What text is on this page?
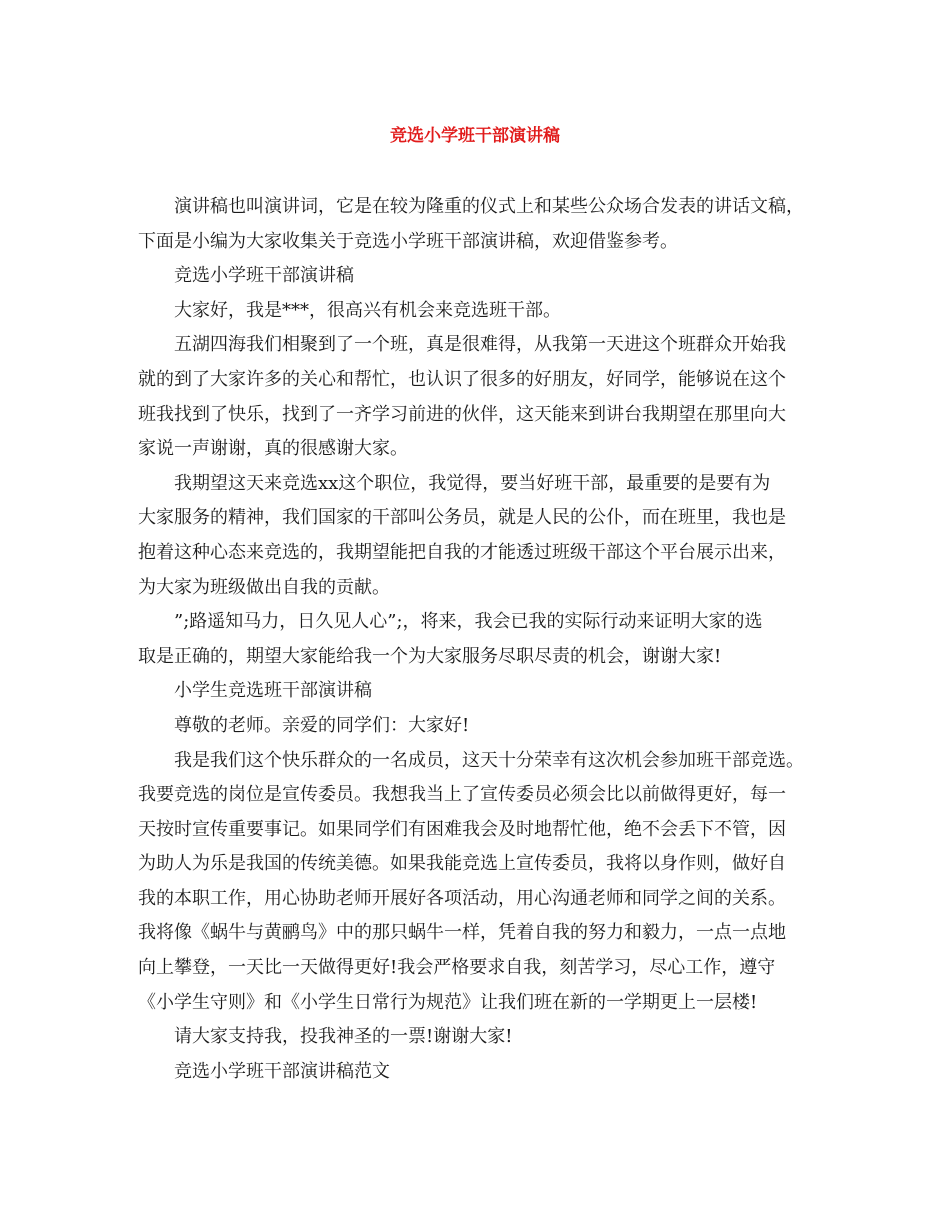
竞选小学班干部演讲稿
演讲稿也叫演讲词，它是在较为隆重的仪式上和某些公众场合发表的讲话文稿，
下面是小编为大家收集关于竞选小学班干部演讲稿，欢迎借鉴参考。
竞选小学班干部演讲稿
大家好，我是***，很高兴有机会来竞选班干部。
五湖四海我们相聚到了一个班，真是很难得，从我第一天进这个班群众开始我
就的到了大家许多的关心和帮忙，也认识了很多的好朋友，好同学，能够说在这个
班我找到了快乐，找到了一齐学习前进的伙伴，这天能来到讲台我期望在那里向大
家说一声谢谢，真的很感谢大家。
我期望这天来竞选xx这个职位，我觉得，要当好班干部，最重要的是要有为
大家服务的精神，我们国家的干部叫公务员，就是人民的公仆，而在班里，我也是
抱着这种心态来竞选的，我期望能把自我的才能透过班级干部这个平台展示出来，
为大家为班级做出自我的贡献。
”;路遥知马力，日久见人心”;，将来，我会已我的实际行动来证明大家的选
取是正确的，期望大家能给我一个为大家服务尽职尽责的机会，谢谢大家!
小学生竞选班干部演讲稿
尊敬的老师。亲爱的同学们：大家好!
我是我们这个快乐群众的一名成员，这天十分荣幸有这次机会参加班干部竞选。
我要竞选的岗位是宣传委员。我想我当上了宣传委员必须会比以前做得更好，每一
天按时宣传重要事记。如果同学们有困难我会及时地帮忙他，绝不会丢下不管，因
为助人为乐是我国的传统美德。如果我能竞选上宣传委员，我将以身作则，做好自
我的本职工作，用心协助老师开展好各项活动，用心沟通老师和同学之间的关系。
我将像《蜗牛与黄鹂鸟》中的那只蜗牛一样，凭着自我的努力和毅力，一点一点地
向上攀登，一天比一天做得更好!我会严格要求自我，刻苦学习，尽心工作，遵守
《小学生守则》和《小学生日常行为规范》让我们班在新的一学期更上一层楼!
请大家支持我，投我神圣的一票!谢谢大家!
竞选小学班干部演讲稿范文
